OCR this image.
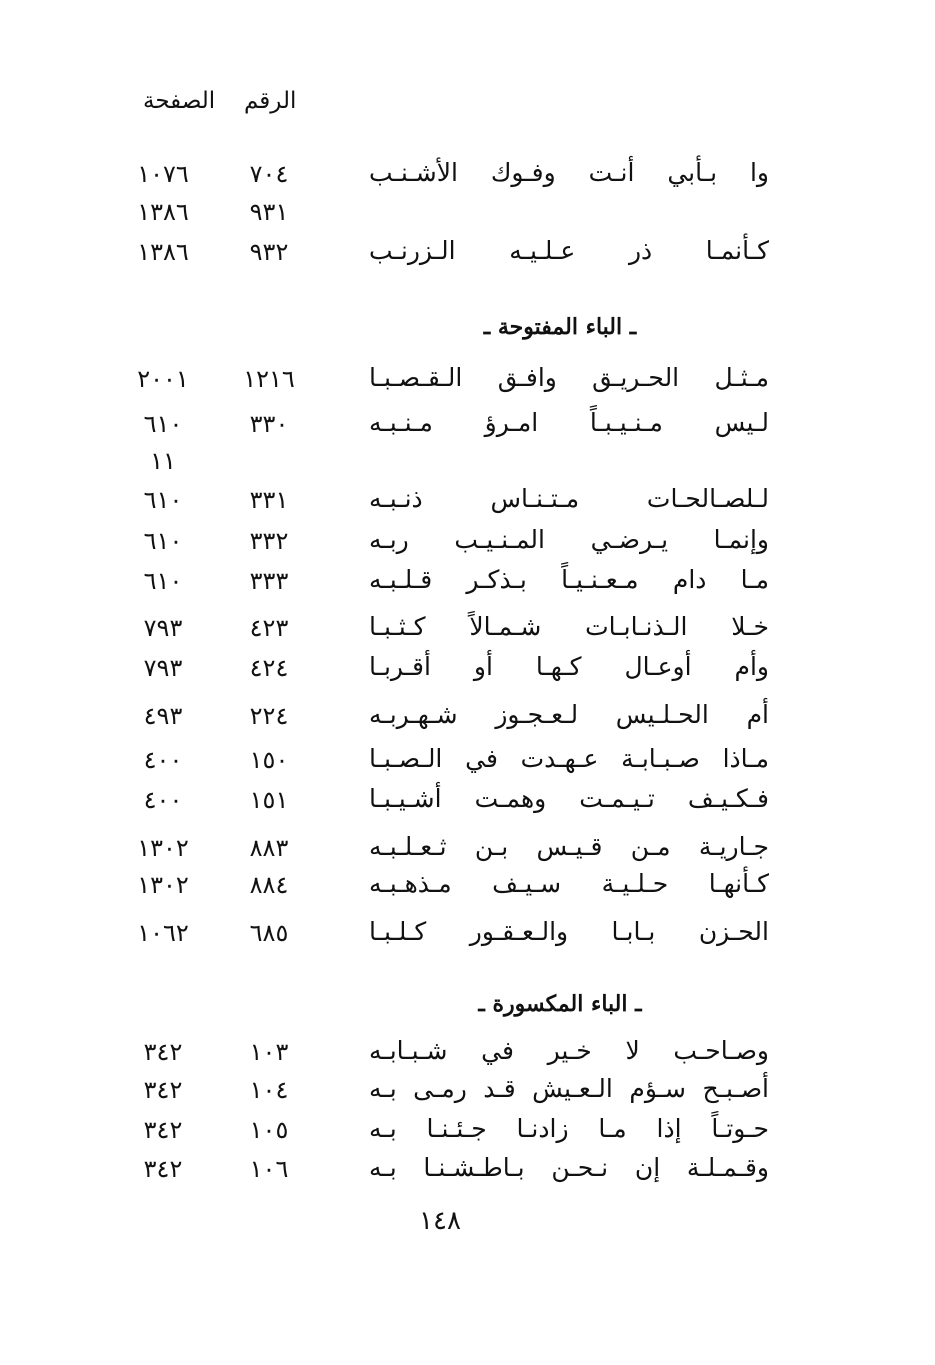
الرقم
الصفحة
وا بـأبي أنـت وفـوك الأشـنـب
٧٠٤
١٠٧٦
٩٣١
١٣٨٦
كـأنمـا ذر عـلـيـه الـزرنـب
٩٣٢
١٣٨٦
ـ الباء المفتوحة ـ
مـثـل الحـريـق وافـق الـقـصـبـا
١٢١٦
٢٠٠١
لـيس مـنـيـبـاً امـرؤ مـنـبـه
٣٣٠
٦١٠
١١
لـلصـالحـات مـتـنـاس ذنـبـه
٣٣١
٦١٠
وإنمـا يـرضـي المـنـيـب ربـه
٣٣٢
٦١٠
مـا دام مـعـنـيـاً بـذكـر قـلـبـه
٣٣٣
٦١٠
خـلا الـذنـابـات شـمـالاً كـثـبـا
٤٢٣
٧٩٣
وأم أوعـال كـهـا أو أقـربـا
٤٢٤
٧٩٣
أم الحـلـيس لـعـجـوز شـهـربـه
٢٢٤
٤٩٣
مـاذا صـبـابـة عـهـدت في الـصـبـا
١٥٠
٤٠٠
فـكـيـف تـيـمـت وهمـت أشـيـبـا
١٥١
٤٠٠
جـاريـة مـن قـيـس بـن ثـعـلـبـه
٨٨٣
١٣٠٢
كـأنهـا حـلـيـة سـيـف مـذهـبـه
٨٨٤
١٣٠٢
الحـزن بـابـا والـعـقـور كـلـبـا
٦٨٥
١٠٦٢
ـ الباء المكسورة ـ
وصـاحـب لا خـير في شـبـابـه
١٠٣
٣٤٢
أصـبـح سـؤم الـعـيش قـد رمـى بـه
١٠٤
٣٤٢
حـوتـاً إذا مـا زادنـا جـئـنـا بـه
١٠٥
٣٤٢
وقـمـلـة إن نـحـن بـاطـشـنـا بـه
١٠٦
٣٤٢
١٤٨
